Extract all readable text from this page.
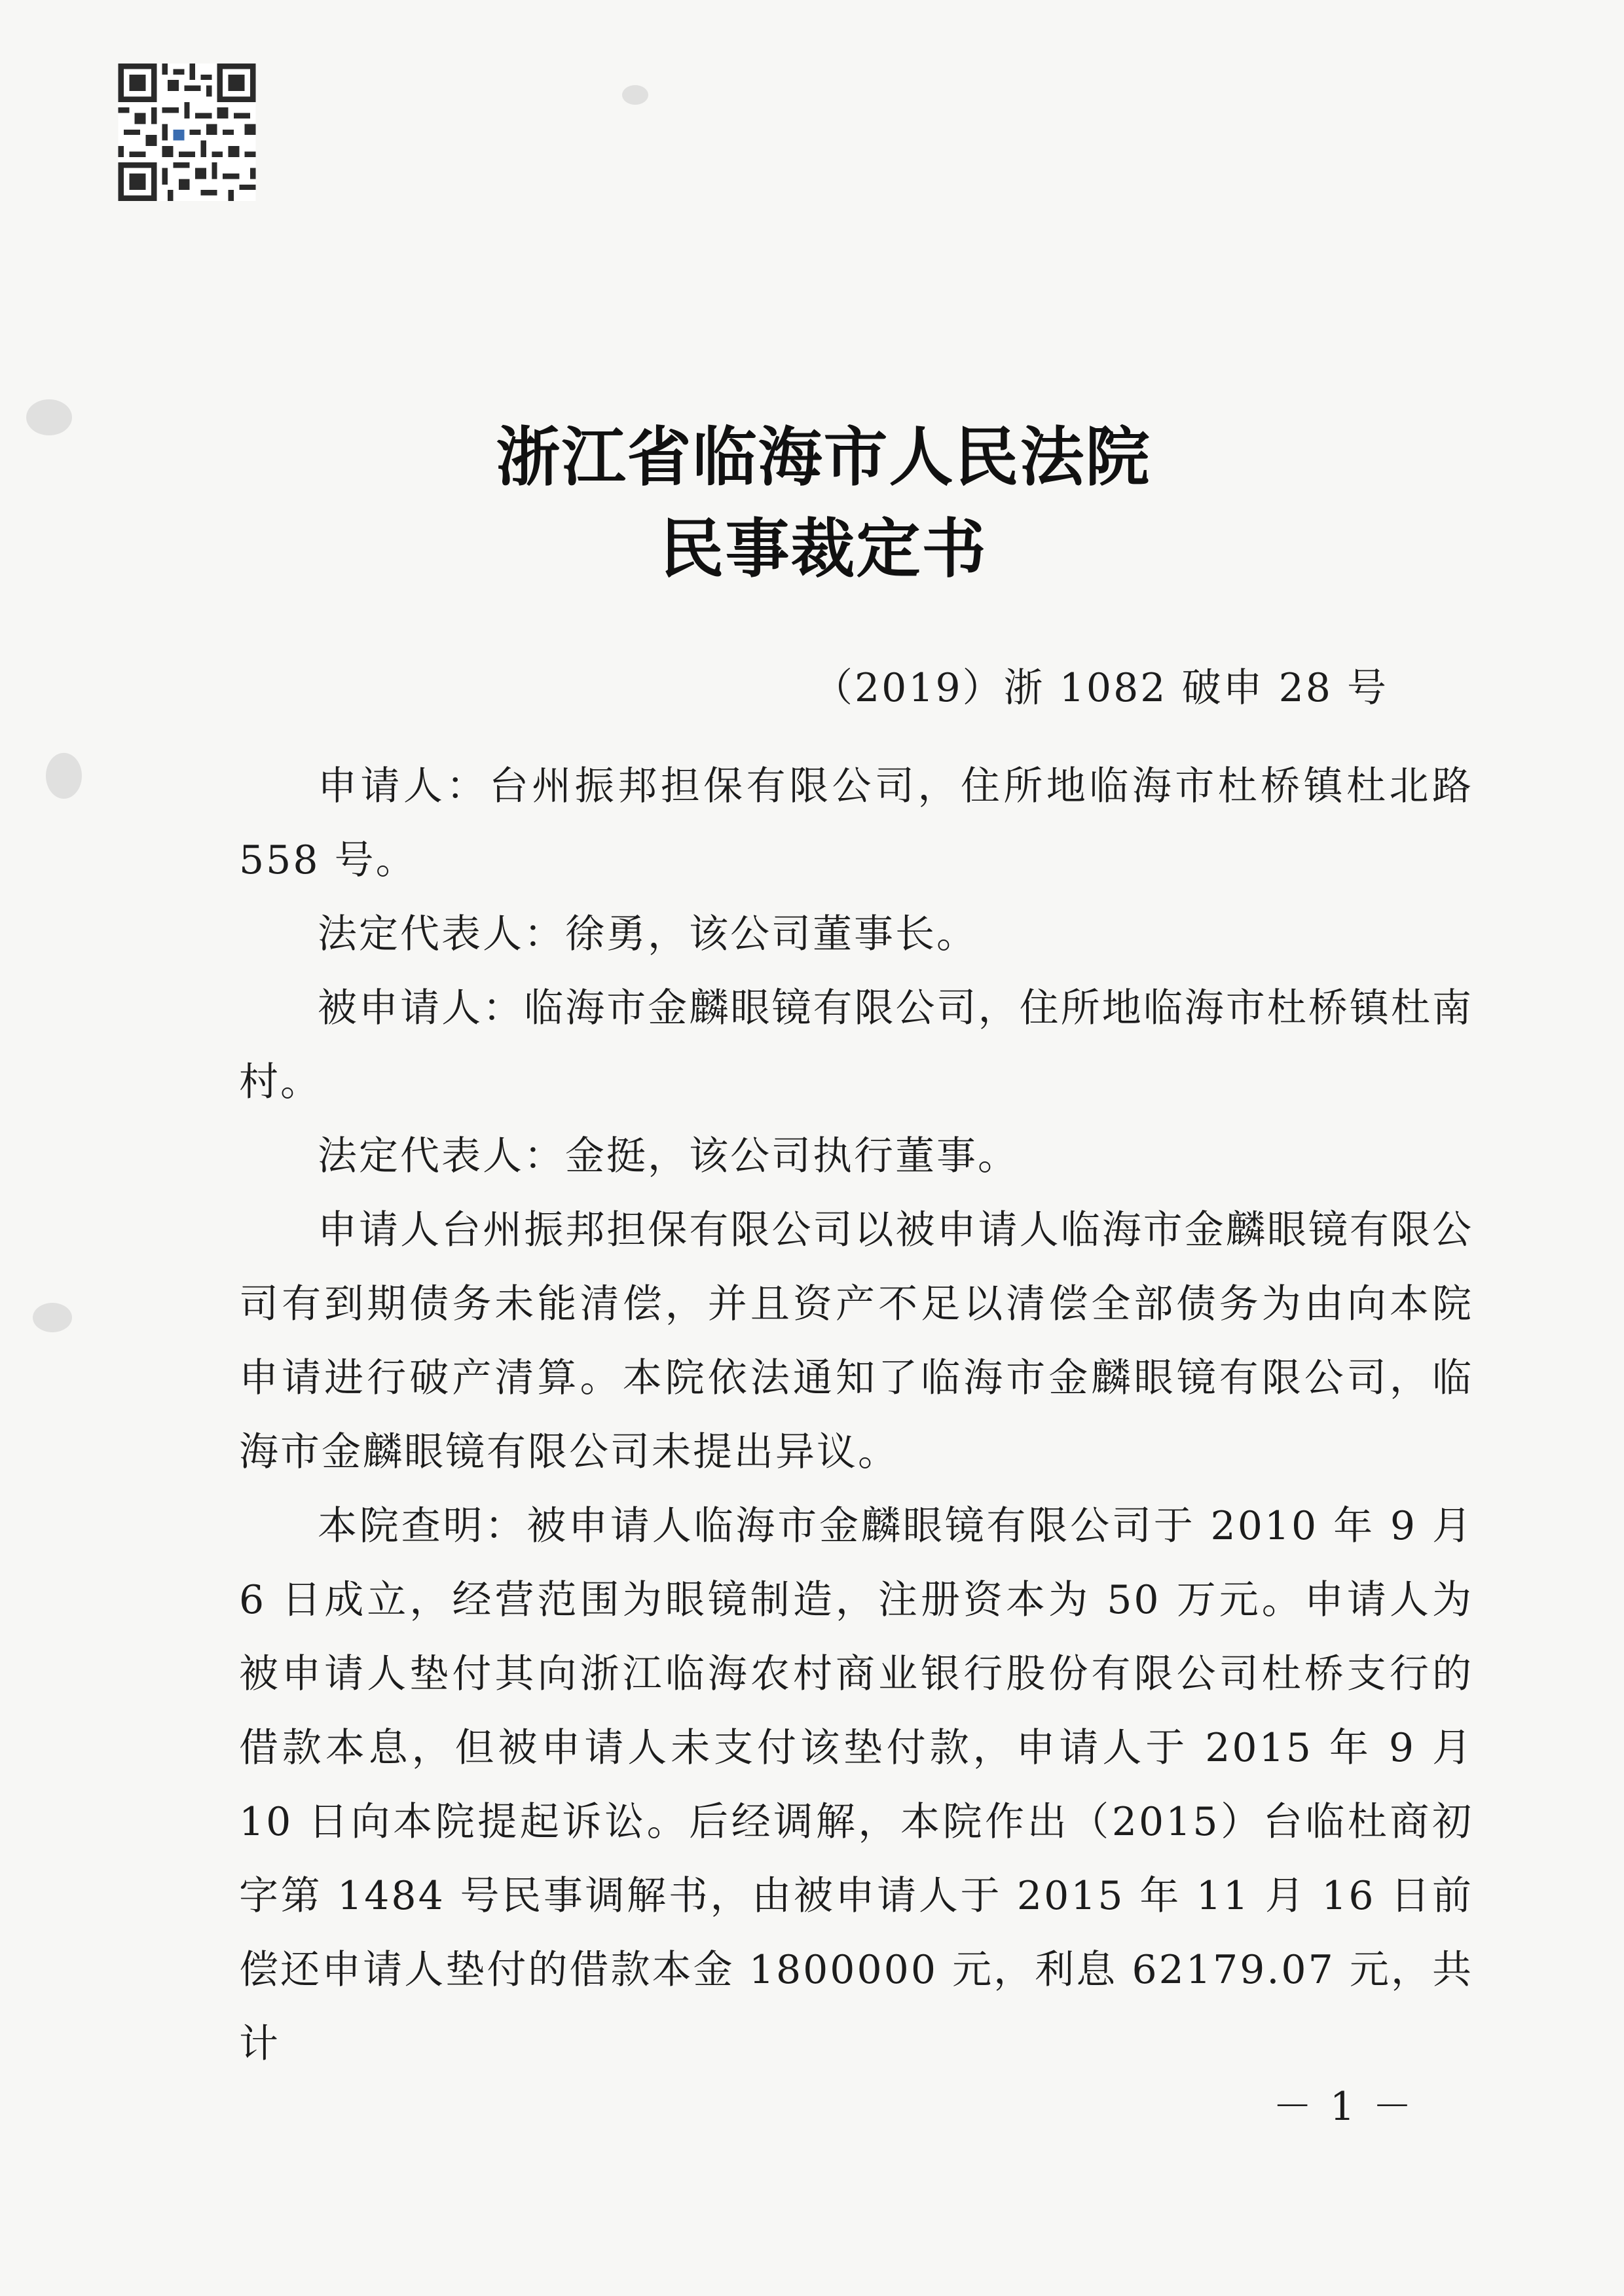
浙江省临海市人民法院
民事裁定书
（2019）浙 1082 破申 28 号

申请人：台州振邦担保有限公司，住所地临海市杜桥镇杜北路 558 号。

法定代表人：徐勇，该公司董事长。

被申请人：临海市金麟眼镜有限公司，住所地临海市杜桥镇杜南村。

法定代表人：金挺，该公司执行董事。

申请人台州振邦担保有限公司以被申请人临海市金麟眼镜有限公司有到期债务未能清偿，并且资产不足以清偿全部债务为由向本院申请进行破产清算。本院依法通知了临海市金麟眼镜有限公司，临海市金麟眼镜有限公司未提出异议。

本院查明：被申请人临海市金麟眼镜有限公司于 2010 年 9 月 6 日成立，经营范围为眼镜制造，注册资本为 50 万元。申请人为被申请人垫付其向浙江临海农村商业银行股份有限公司杜桥支行的借款本息，但被申请人未支付该垫付款，申请人于 2015 年 9 月 10 日向本院提起诉讼。后经调解，本院作出（2015）台临杜商初字第 1484 号民事调解书，由被申请人于 2015 年 11 月 16 日前偿还申请人垫付的借款本金 1800000 元，利息 62179.07 元，共计

－ 1 －
